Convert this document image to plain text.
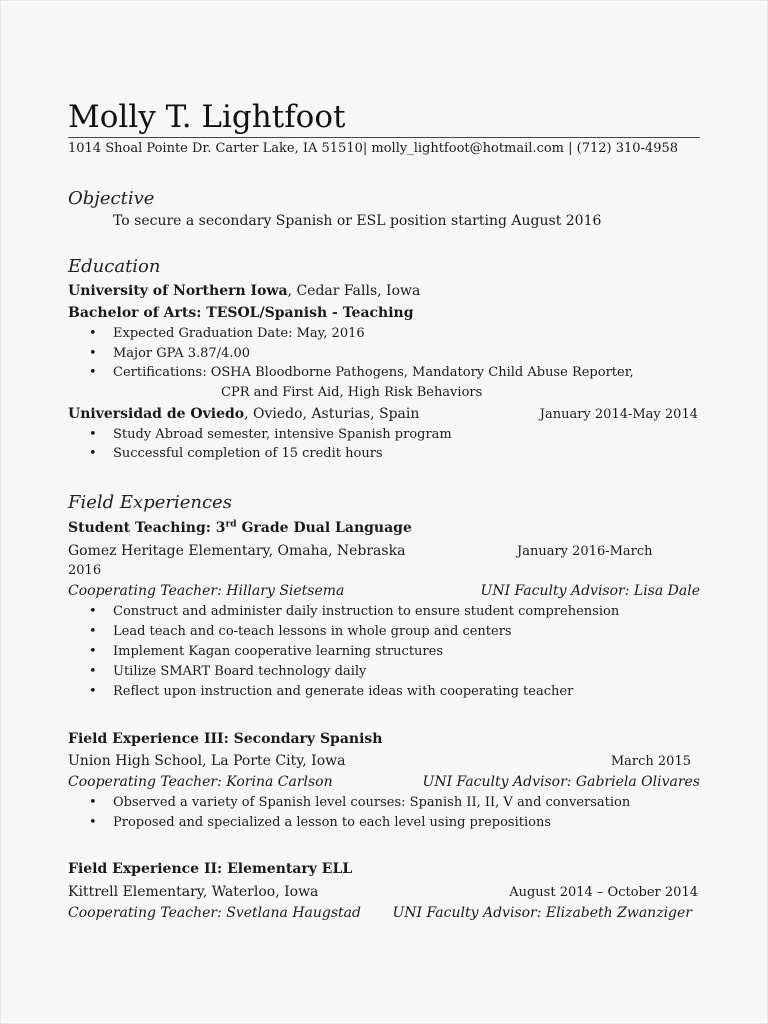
Molly T. Lightfoot
1014 Shoal Pointe Dr. Carter Lake, IA 51510| molly_lightfoot@hotmail.com | (712) 310-4958
Objective
To secure a secondary Spanish or ESL position starting August 2016
Education
University of Northern Iowa, Cedar Falls, Iowa
Bachelor of Arts: TESOL/Spanish - Teaching
• Expected Graduation Date: May, 2016
• Major GPA 3.87/4.00
• Certifications: OSHA Bloodborne Pathogens, Mandatory Child Abuse Reporter,
CPR and First Aid, High Risk Behaviors
Universidad de Oviedo, Oviedo, Asturias, Spain	January 2014-May 2014
• Study Abroad semester, intensive Spanish program
• Successful completion of 15 credit hours
Field Experiences
Student Teaching: 3rd Grade Dual Language
Gomez Heritage Elementary, Omaha, Nebraska	January 2016-March
2016
Cooperating Teacher: Hillary Sietsema	UNI Faculty Advisor: Lisa Dale
• Construct and administer daily instruction to ensure student comprehension
• Lead teach and co-teach lessons in whole group and centers
• Implement Kagan cooperative learning structures
• Utilize SMART Board technology daily
• Reflect upon instruction and generate ideas with cooperating teacher
Field Experience III: Secondary Spanish
Union High School, La Porte City, Iowa	March 2015
Cooperating Teacher: Korina Carlson	UNI Faculty Advisor: Gabriela Olivares
• Observed a variety of Spanish level courses: Spanish II, II, V and conversation
• Proposed and specialized a lesson to each level using prepositions
Field Experience II: Elementary ELL
Kittrell Elementary, Waterloo, Iowa	August 2014 – October 2014
Cooperating Teacher: Svetlana Haugstad	UNI Faculty Advisor: Elizabeth Zwanziger
